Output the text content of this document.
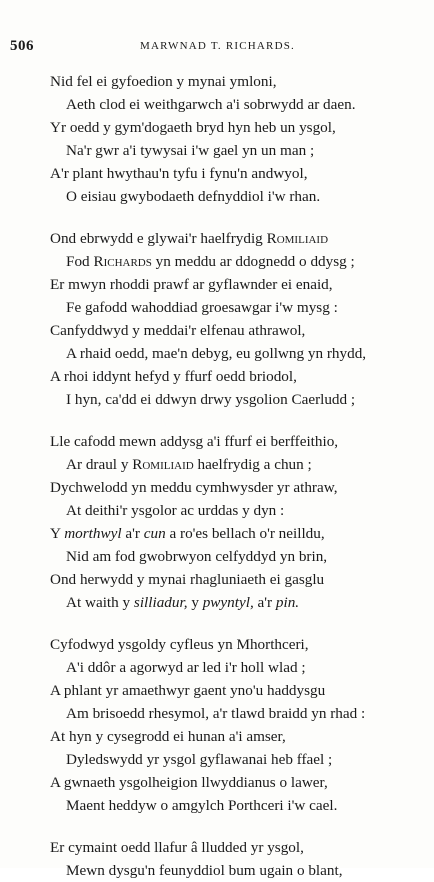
506	MARWNAD T. RICHARDS.
Nid fel ei gyfoedion y mynai ymloni,
Aeth clod ei weithgarwch a'i sobrwydd ar daen.
Yr oedd y gym'dogaeth bryd hyn heb un ysgol,
Na'r gwr a'i tywysai i'w gael yn un man ;
A'r plant hwythau'n tyfu i fynu'n andwyol,
O eisiau gwybodaeth defnyddiol i'w rhan.
Ond ebrwydd e glywai'r haelfrydig Romiliaid
Fod Richards yn meddu ar ddognedd o ddysg ;
Er mwyn rhoddi prawf ar gyflawnder ei enaid,
Fe gafodd wahoddiad groesawgar i'w mysg :
Canfyddwyd y meddai'r elfenau athrawol,
A rhaid oedd, mae'n debyg, eu gollwng yn rhydd,
A rhoi iddynt hefyd y ffurf oedd briodol,
I hyn, ca'dd ei ddwyn drwy ysgolion Caerludd ;
Lle cafodd mewn addysg a'i ffurf ei berffeithio,
Ar draul y Romiliaid haelfrydig a chun ;
Dychwelodd yn meddu cymhwysder yr athraw,
At deithi'r ysgolor ac urddas y dyn :
Y morthwyl a'r cun a ro'es bellach o'r neilldu,
Nid am fod gwobrwyon celfyddyd yn brin,
Ond herwydd y mynai rhagluniaeth ei gasglu
At waith y silliadur, y pwyntyl, a'r pin.
Cyfodwyd ysgoldy cyfleus yn Mhorthceri,
A'i ddôr a agorwyd ar led i'r holl wlad ;
A phlant yr amaethwyr gaent yno'u haddysgu
Am brisoedd rhesymol, a'r tlawd braidd yn rhad :
At hyn y cysegrodd ei hunan a'i amser,
Dyledswydd yr ysgol gyflawanai heb ffael ;
A gwnaeth ysgolheigion llwyddianus o lawer,
Maent heddyw o amgylch Porthceri i'w cael.
Er cymaint oedd llafur â lludded yr ysgol,
Mewn dysgu'n feunyddiol bum ugain o blant,
